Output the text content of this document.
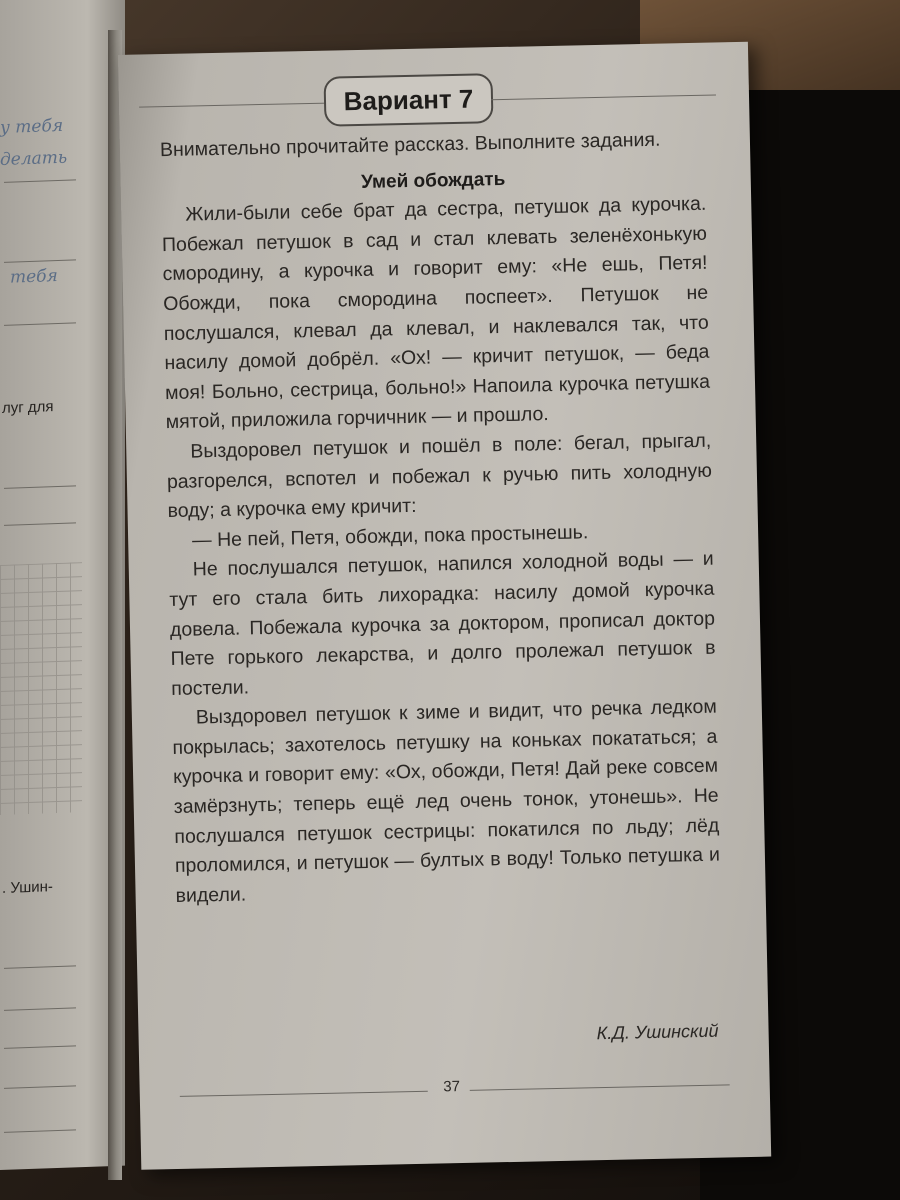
у тебя
делать
тебя
луг для
. Ушин-
Вариант 7

Внимательно прочитайте рассказ. Выполните задания.

Умей обождать

Жили-были себе брат да сестра, петушок да курочка. Побежал петушок в сад и стал клевать зеленёхонькую смородину, а курочка и говорит ему: «Не ешь, Петя! Обожди, пока смородина поспеет». Петушок не послушался, клевал да клевал, и наклевался так, что насилу домой добрёл. «Ох! — кричит петушок, — беда моя! Больно, сестрица, больно!» Напоила курочка петушка мятой, приложила горчичник — и прошло.

Выздоровел петушок и пошёл в поле: бегал, прыгал, разгорелся, вспотел и побежал к ручью пить холодную воду; а курочка ему кричит:

— Не пей, Петя, обожди, пока простынешь.

Не послушался петушок, напился холодной воды — и тут его стала бить лихорадка: насилу домой курочка довела. Побежала курочка за доктором, прописал доктор Пете горького лекарства, и долго пролежал петушок в постели.

Выздоровел петушок к зиме и видит, что речка ледком покрылась; захотелось петушку на коньках покататься; а курочка и говорит ему: «Ох, обожди, Петя! Дай реке совсем замёрзнуть; теперь ещё лед очень тонок, утонешь». Не послушался петушок сестрицы: покатился по льду; лёд проломился, и петушок — бултых в воду! Только петушка и видели.

К.Д. Ушинский
37
